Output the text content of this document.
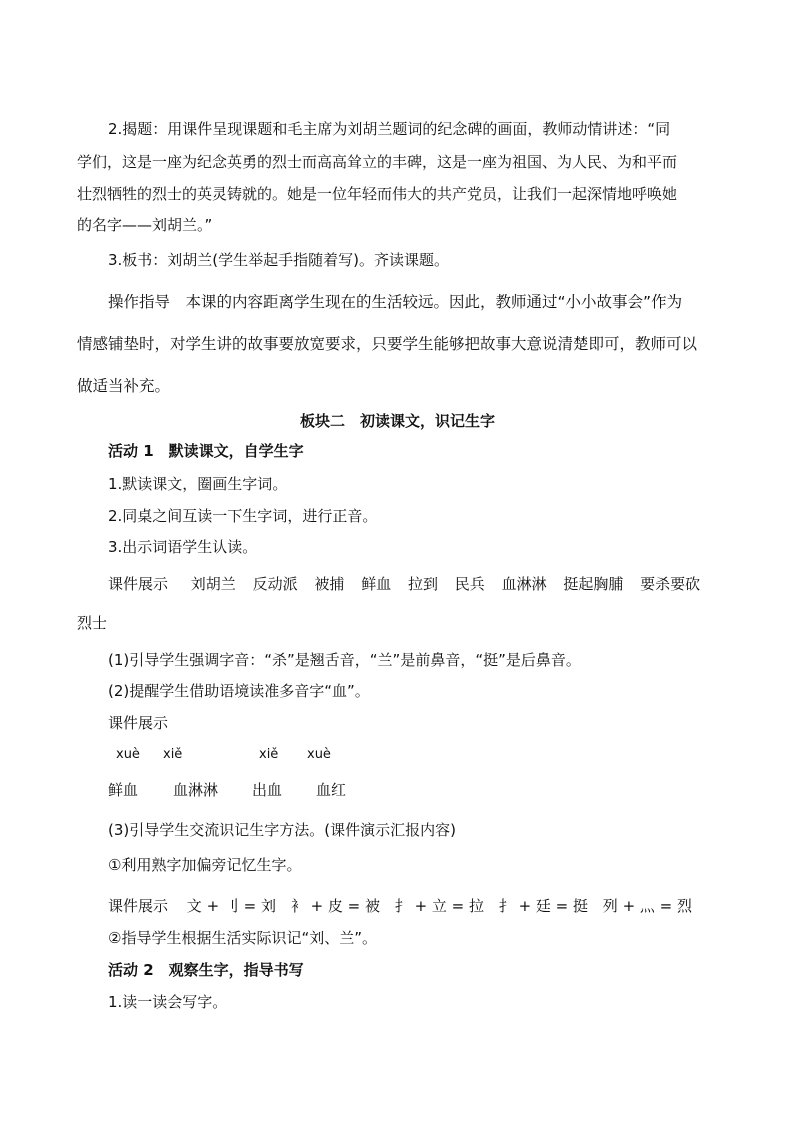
2.揭题：用课件呈现课题和毛主席为刘胡兰题词的纪念碑的画面，教师动情讲述：“同
学们，这是一座为纪念英勇的烈士而高高耸立的丰碑，这是一座为祖国、为人民、为和平而
壮烈牺牲的烈士的英灵铸就的。她是一位年轻而伟大的共产党员，让我们一起深情地呼唤她
的名字——刘胡兰。”
3.板书：刘胡兰(学生举起手指随着写)。齐读课题。
操作指导　本课的内容距离学生现在的生活较远。因此，教师通过“小小故事会”作为
情感铺垫时，对学生讲的故事要放宽要求，只要学生能够把故事大意说清楚即可，教师可以
做适当补充。
板块二　初读课文，识记生字
活动 1　默读课文，自学生字
1.默读课文，圈画生字词。
2.同桌之间互读一下生字词，进行正音。
3.出示词语学生认读。
课件展示 刘胡兰 反动派 被捕 鲜血 拉到 民兵 血淋淋 挺起胸脯 要杀要砍
烈士
(1)引导学生强调字音：“杀”是翘舌音，“兰”是前鼻音，“挺”是后鼻音。
(2)提醒学生借助语境读准多音字“血”。
课件展示
xuè xiě	xiě xuè
鲜血 血淋淋 出血 血红
(3)引导学生交流识记生字方法。(课件演示汇报内容)
①利用熟字加偏旁记忆生字。
课件展示 文 + 刂 = 刘 衤 + 皮 = 被 扌 + 立 = 拉 扌 + 廷 = 挺 列 + 灬 = 烈
②指导学生根据生活实际识记“刘、兰”。
活动 2　观察生字，指导书写
1.读一读会写字。
